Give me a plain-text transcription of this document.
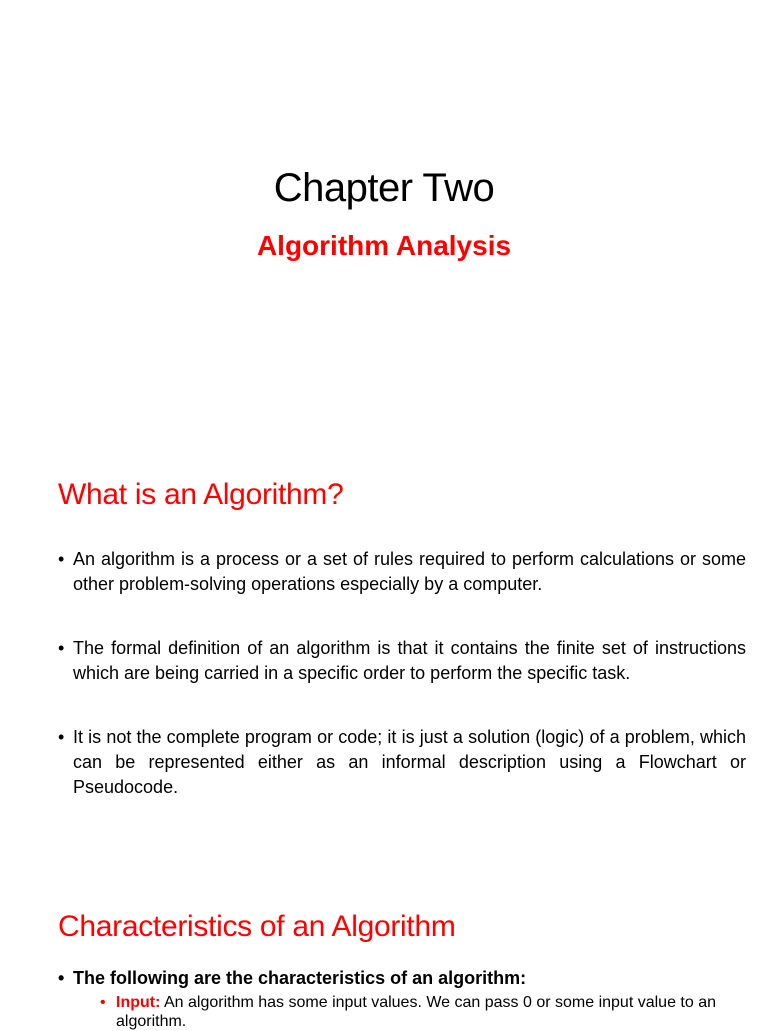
Chapter Two
Algorithm Analysis
What is an Algorithm?
• An algorithm is a process or a set of rules required to perform calculations or some other problem-solving operations especially by a computer.
• The formal definition of an algorithm is that it contains the finite set of instructions which are being carried in a specific order to perform the specific task.
• It is not the complete program or code; it is just a solution (logic) of a problem, which can be represented either as an informal description using a Flowchart or Pseudocode.
Characteristics of an Algorithm
• The following are the characteristics of an algorithm:
• Input: An algorithm has some input values. We can pass 0 or some input value to an algorithm.
